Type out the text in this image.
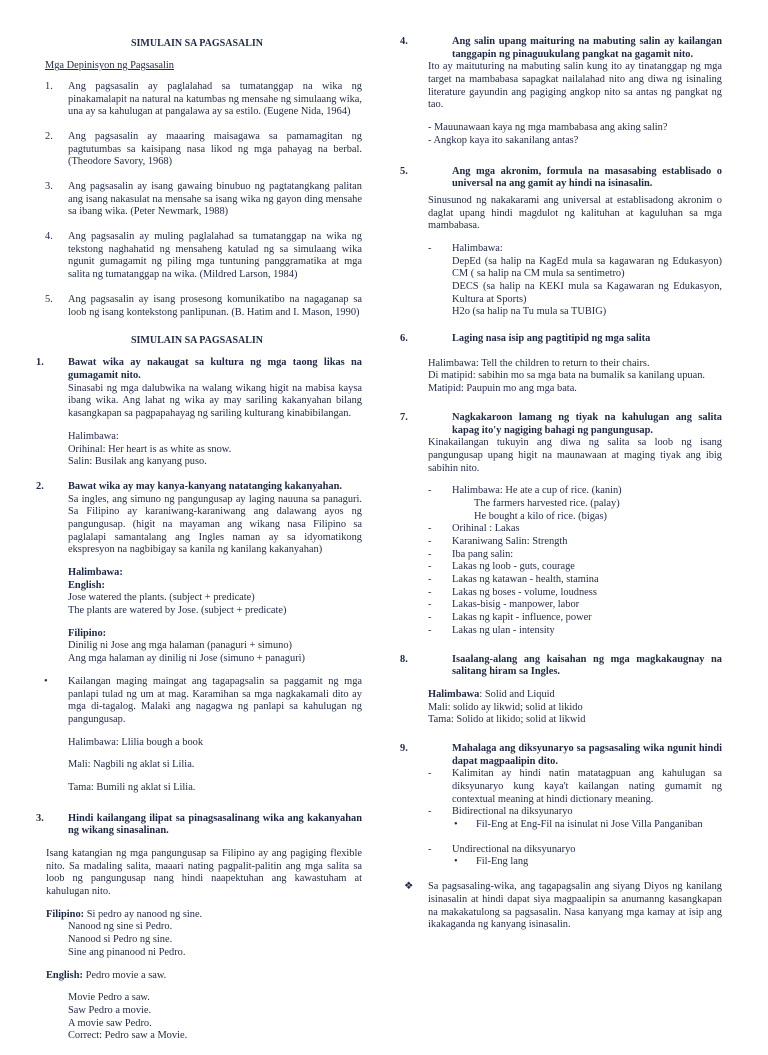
SIMULAIN SA PAGSASALIN
Mga Depinisyon ng Pagsasalin
1. Ang pagsasalin ay paglalahad sa tumatanggap na wika ng pinakamalapit na natural na katumbas ng mensahe ng simulaang wika, una ay sa kahulugan at pangalawa ay sa estilo. (Eugene Nida, 1964)
2. Ang pagsasalin ay maaaring maisagawa sa pamamagitan ng pagtutumbas sa kaisipang nasa likod ng mga pahayag na berbal.(Theodore Savory, 1968)
3. Ang pagsasalin ay isang gawaing binubuo ng pagtatangkang palitan ang isang nakasulat na mensahe sa isang wika ng gayon ding mensahe sa ibang wika. (Peter Newmark, 1988)
4. Ang pagsasalin ay muling paglalahad sa tumatanggap na wika ng tekstong naghahatid ng mensaheng katulad ng sa simulaang wika ngunit gumagamit ng piling mga tuntuning panggramatika at mga salita ng tumatanggap na wika. (Mildred Larson, 1984)
5. Ang pagsasalin ay isang prosesong komunikatibo na nagaganap sa loob ng isang kontekstong panlipunan. (B. Hatim and I. Mason, 1990)
SIMULAIN SA PAGSASALIN
1. Bawat wika ay nakaugat sa kultura ng mga taong likas na gumagamit nito.
Sinasabi ng mga dalubwika na walang wikang higit na mabisa kaysa ibang wika. Ang lahat ng wika ay may sariling kakanyahan bilang kasangkapan sa pagpapahayag ng sariling kulturang kinabibilangan.
Halimbawa:
Orihinal: Her heart is as white as snow.
Salin: Busilak ang kanyang puso.
2. Bawat wika ay may kanya-kanyang natatanging kakanyahan.
Sa ingles, ang simuno ng pangungusap ay laging nauuna sa panaguri. Sa Filipino ay karaniwang-karaniwang ang dalawang ayos ng pangungusap. (higit na mayaman ang wikang nasa Filipino sa paglalapi samantalang ang Ingles naman ay sa idyomatikong ekspresyon na nagbibigay sa kanila ng kanilang kakanyahan)
Halimbawa:
English:
Jose watered the plants. (subject + predicate)
The plants are watered by Jose. (subject + predicate)
Filipino:
Dinilig ni Jose ang mga halaman (panaguri + simuno)
Ang mga halaman ay dinilig ni Jose (simuno + panaguri)
• Kailangan maging maingat ang tagapagsalin sa paggamit ng mga panlapi tulad ng um at mag. Karamihan sa mga nagkakamali dito ay mga di-tagalog. Malaki ang nagagwa ng panlapi sa kahulugan ng pangungusap.
Halimbawa: Llilia bough a book
Mali: Nagbili ng aklat si Lilia.
Tama: Bumili ng aklat si Lilia.
3. Hindi kailangang ilipat sa pinagsasalinang wika ang kakanyahan ng wikang sinasalinan.
Isang katangian ng mga pangungusap sa Filipino ay ang pagiging flexible nito. Sa madaling salita, maaari nating pagpalit-palitin ang mga salita sa loob ng pangungusap nang hindi naapektuhan ang kawastuham at kahulugan nito.
Filipino: Si pedro ay nanood ng sine.
Nanood ng sine si Pedro.
Nanood si Pedro ng sine.
Sine ang pinanood ni Pedro.
English: Pedro movie a saw.
Movie Pedro a saw.
Saw Pedro a movie.
A movie saw Pedro.
Correct: Pedro saw a Movie.
4.	Ang salin upang maituring na mabuting salin ay kailangan tanggapin ng pinaguukulang pangkat na gagamit nito.
Ito ay maituturing na mabuting salin kung ito ay tinatanggap ng mga target na mambabasa sapagkat nailalahad nito ang diwa ng isinaling literature gayundin ang pagiging angkop nito sa antas ng pangkat ng tao.
- Mauunawaan kaya ng mga mambabasa ang aking salin?
- Angkop kaya ito sakanilang antas?
5.	Ang mga akronim, formula na masasabing establisado o universal na ang gamit ay hindi na isinasalin.
Sinusunod ng nakakarami ang universal at establisadong akronim o daglat upang hindi magdulot ng kalituhan at kaguluhan sa mga mambabasa.
- Halimbawa:
DepEd (sa halip na KagEd mula sa kagawaran ng Edukasyon) CM ( sa halip na CM mula sa sentimetro)
DECS (sa halip na KEKI mula sa Kagawaran ng Edukasyon, Kultura at Sports)
H2o (sa halip na Tu mula sa TUBIG)
6.	Laging nasa isip ang pagtitipid ng mga salita
Halimbawa: Tell the children to return to their chairs.
Di matipid: sabihin mo sa mga bata na bumalik sa kanilang upuan.
Matipid: Paupuin mo ang mga bata.
7.	Nagkakaroon lamang ng tiyak na kahulugan ang salita kapag ito'y nagiging bahagi ng pangungusap.
Kinakailangan tukuyin ang diwa ng salita sa loob ng isang pangungusap upang higit na maunawaan at maging tiyak ang ibig sabihin nito.
- Halimbawa: He ate a cup of rice. (kanin)
The farmers harvested rice. (palay)
He bought a kilo of rice. (bigas)
- Orihinal : Lakas
- Karaniwang Salin: Strength
- Iba pang salin:
- Lakas ng loob - guts, courage
- Lakas ng katawan - health, stamina
- Lakas ng boses - volume, loudness
- Lakas-bisig - manpower, labor
- Lakas ng kapit - influence, power
- Lakas ng ulan - intensity
8.	Isaalang-alang ang kaisahan ng mga magkakaugnay na salitang hiram sa Ingles.
Halimbawa: Solid and Liquid
Mali: solido ay likwid; solid at likido
Tama: Solido at likido; solid at likwid
9.	Mahalaga ang diksyunaryo sa pagsasaling wika ngunit hindi dapat magpaalipin dito.
- Kalimitan ay hindi natin matatagpuan ang kahulugan sa diksyunaryo kung kaya't kailangan nating gumamit ng contextual meaning at hindi dictionary meaning.
- Bidirectional na diksyunaryo
• Fil-Eng at Eng-Fil na isinulat ni Jose Villa Panganiban
- Undirectional na diksyunaryo
• Fil-Eng lang
❖ Sa pagsasaling-wika, ang tagapagsalin ang siyang Diyos ng kanilang isinasalin at hindi dapat siya magpaalipin sa anumanng kasangkapan na makakatulong sa pagsasalin. Nasa kanyang mga kamay at isip ang ikakaganda ng kanyang isinasalin.
